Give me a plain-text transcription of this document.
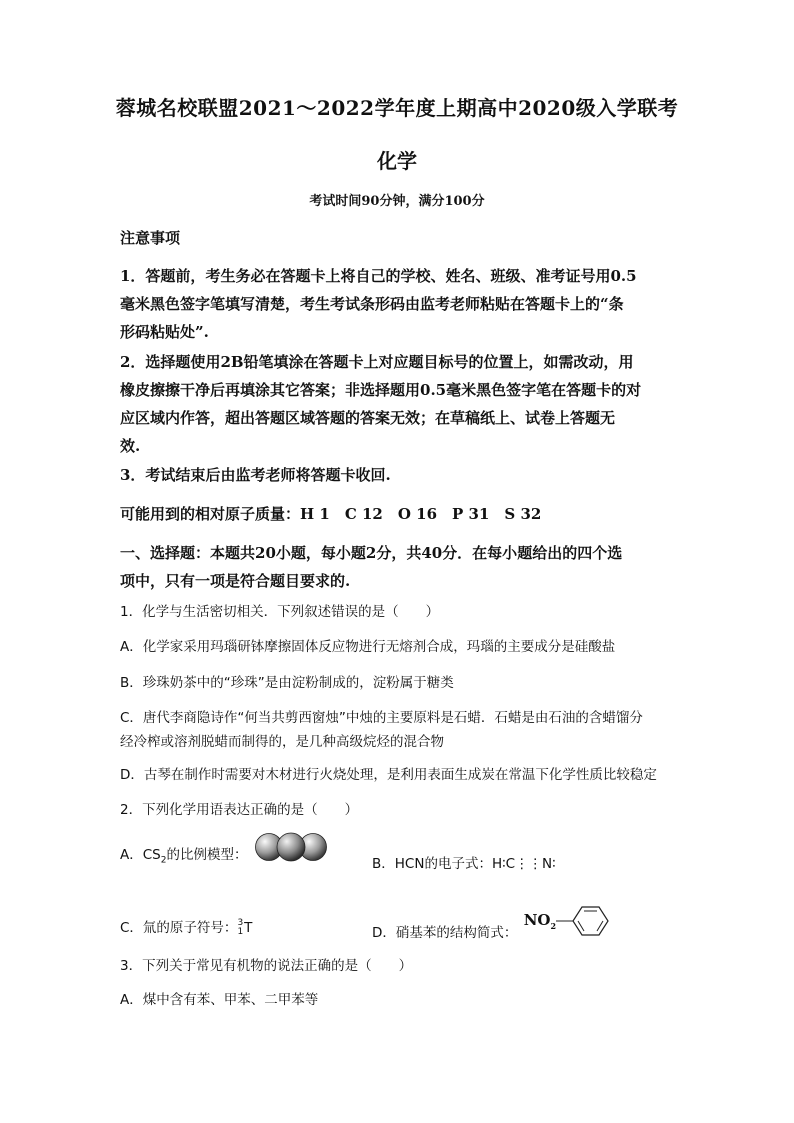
蓉城名校联盟2021～2022学年度上期高中2020级入学联考
化学
考试时间90分钟，满分100分
注意事项
1．答题前，考生务必在答题卡上将自己的学校、姓名、班级、准考证号用0.5
毫米黑色签字笔填写清楚，考生考试条形码由监考老师粘贴在答题卡上的“条
形码粘贴处”.
2．选择题使用2B铅笔填涂在答题卡上对应题目标号的位置上，如需改动，用
橡皮擦擦干净后再填涂其它答案；非选择题用0.5毫米黑色签字笔在答题卡的对
应区域内作答，超出答题区域答题的答案无效；在草稿纸上、试卷上答题无
效.
3．考试结束后由监考老师将答题卡收回.
可能用到的相对原子质量：H 1　C 12　O 16　P 31　S 32
一、选择题：本题共20小题，每小题2分，共40分．在每小题给出的四个选
项中，只有一项是符合题目要求的.
1．化学与生活密切相关．下列叙述错误的是（　　）
A．化学家采用玛瑙研钵摩擦固体反应物进行无熔剂合成，玛瑙的主要成分是硅酸盐
B．珍珠奶茶中的“珍珠”是由淀粉制成的，淀粉属于糖类
C．唐代李商隐诗作“何当共剪西窗烛”中烛的主要原料是石蜡．石蜡是由石油的含蜡馏分
经冷榨或溶剂脱蜡而制得的，是几种高级烷烃的混合物
D．古琴在制作时需要对木材进行火烧处理，是利用表面生成炭在常温下化学性质比较稳定
2．下列化学用语表达正确的是（　　）
A．$CS_2$的比例模型：
B．HCN的电子式：H∶C⋮⋮N∶
C．氚的原子符号： 3
1 T	D．硝基苯的结构简式： $NO_2$
3．下列关于常见有机物的说法正确的是（　　）
A．煤中含有苯、甲苯、二甲苯等
